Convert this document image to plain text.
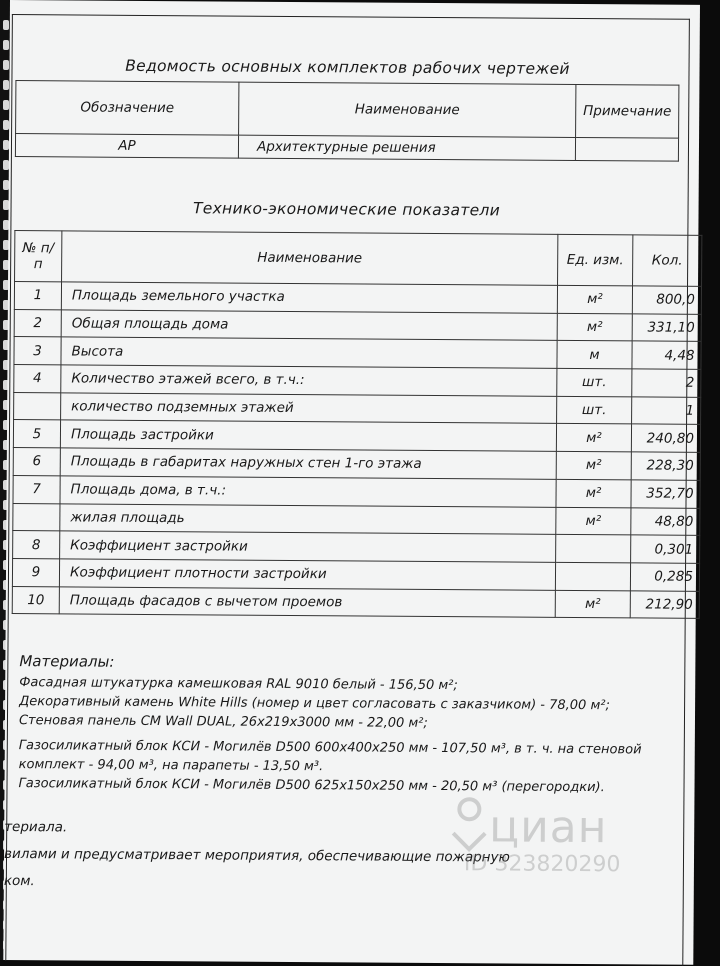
Ведомость основных комплектов рабочих чертежей
Обозначение	Наименование	Примечание
АР	Архитектурные решения	
Технико-экономические показатели
№ п/п	Наименование	Ед. изм.	Кол.
1	Площадь земельного участка	м²	800,0
2	Общая площадь дома	м²	331,10
3	Высота	м	4,48
4	Количество этажей всего, в т.ч.:	шт.	2
	количество подземных этажей	шт.	1
5	Площадь застройки	м²	240,80
6	Площадь в габаритах наружных стен 1-го этажа	м²	228,30
7	Площадь дома, в т.ч.:	м²	352,70
	жилая площадь	м²	48,80
8	Коэффициент застройки		0,301
9	Коэффициент плотности застройки		0,285
10	Площадь фасадов с вычетом проемов	м²	212,90
Материалы:
Фасадная штукатурка камешковая RAL 9010 белый - 156,50 м²;
Декоративный камень White Hills (номер и цвет согласовать с заказчиком) - 78,00 м²;
Стеновая панель CM Wall DUAL, 26x219x3000 мм - 22,00 м²;
Газосиликатный блок КСИ - Могилёв D500 600x400x250 мм - 107,50 м³, в т. ч. на стеновой
комплект - 94,00 м³, на парапеты - 13,50 м³.
Газосиликатный блок КСИ - Могилёв D500 625x150x250 мм - 20,50 м³ (перегородки).
териала.
вилами и предусматривает мероприятия, обеспечивающие пожарную
ком.
циан
ID 323820290
